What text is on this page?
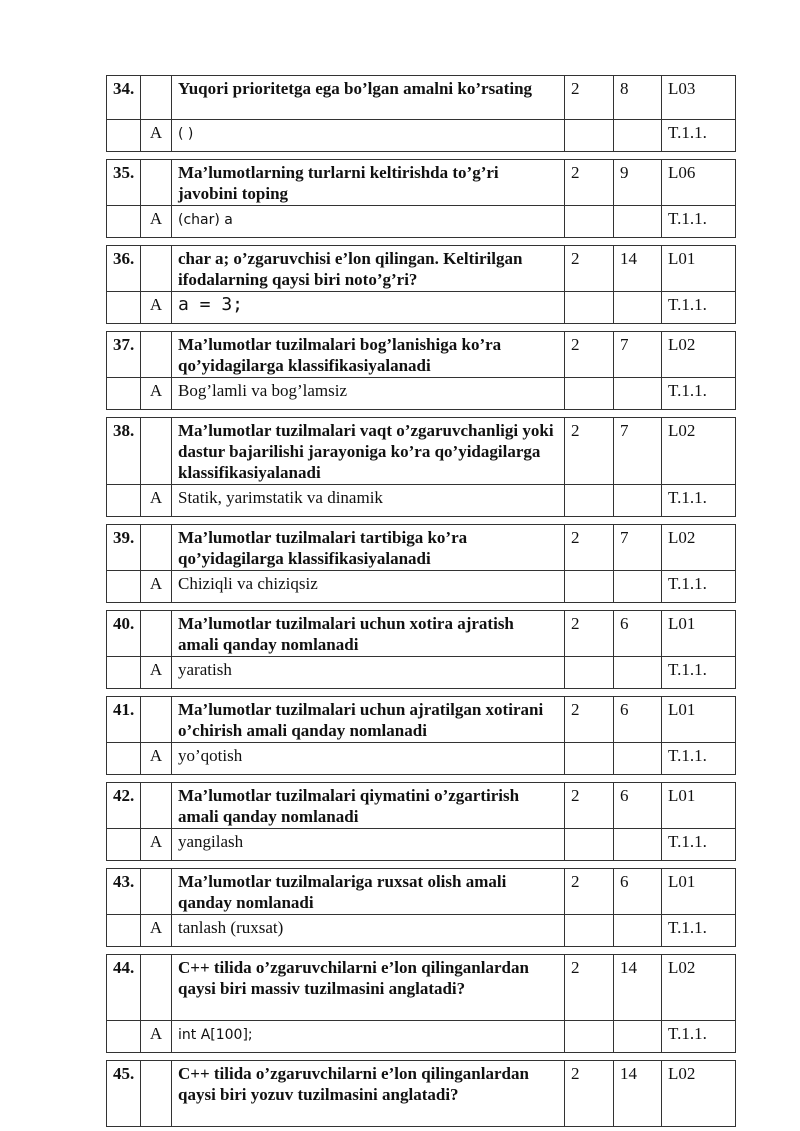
34.		Yuqori prioritetga ega bo’lgan amalni ko’rsating	2	8	L03
	A	( )			T.1.1.

35.		Ma’lumotlarning turlarni keltirishda to’g’ri javobini toping	2	9	L06
	A	(char) a			T.1.1.

36.		char a; o’zgaruvchisi e’lon qilingan. Keltirilgan ifodalarning qaysi biri noto’g’ri?	2	14	L01
	A	a = 3;			T.1.1.

37.		Ma’lumotlar tuzilmalari bog’lanishiga ko’ra qo’yidagilarga klassifikasiyalanadi	2	7	L02
	A	Bog’lamli va bog’lamsiz			T.1.1.

38.		Ma’lumotlar tuzilmalari vaqt o’zgaruvchanligi yoki dastur bajarilishi jarayoniga ko’ra qo’yidagilarga klassifikasiyalanadi	2	7	L02
	A	Statik, yarimstatik va dinamik			T.1.1.

39.		Ma’lumotlar tuzilmalari tartibiga ko’ra qo’yidagilarga klassifikasiyalanadi	2	7	L02
	A	Chiziqli va chiziqsiz			T.1.1.

40.		Ma’lumotlar tuzilmalari uchun xotira ajratish amali qanday nomlanadi	2	6	L01
	A	yaratish			T.1.1.

41.		Ma’lumotlar tuzilmalari uchun ajratilgan xotirani o’chirish amali qanday nomlanadi	2	6	L01
	A	yo’qotish			T.1.1.

42.		Ma’lumotlar tuzilmalari qiymatini o’zgartirish amali qanday nomlanadi	2	6	L01
	A	yangilash			T.1.1.

43.		Ma’lumotlar tuzilmalariga ruxsat olish amali qanday nomlanadi	2	6	L01
	A	tanlash (ruxsat)			T.1.1.

44.		C++ tilida o’zgaruvchilarni e’lon qilinganlardan qaysi biri massiv tuzilmasini anglatadi?	2	14	L02
	A	int A[100];			T.1.1.

45.		C++ tilida o’zgaruvchilarni e’lon qilinganlardan qaysi biri yozuv tuzilmasini anglatadi?	2	14	L02
